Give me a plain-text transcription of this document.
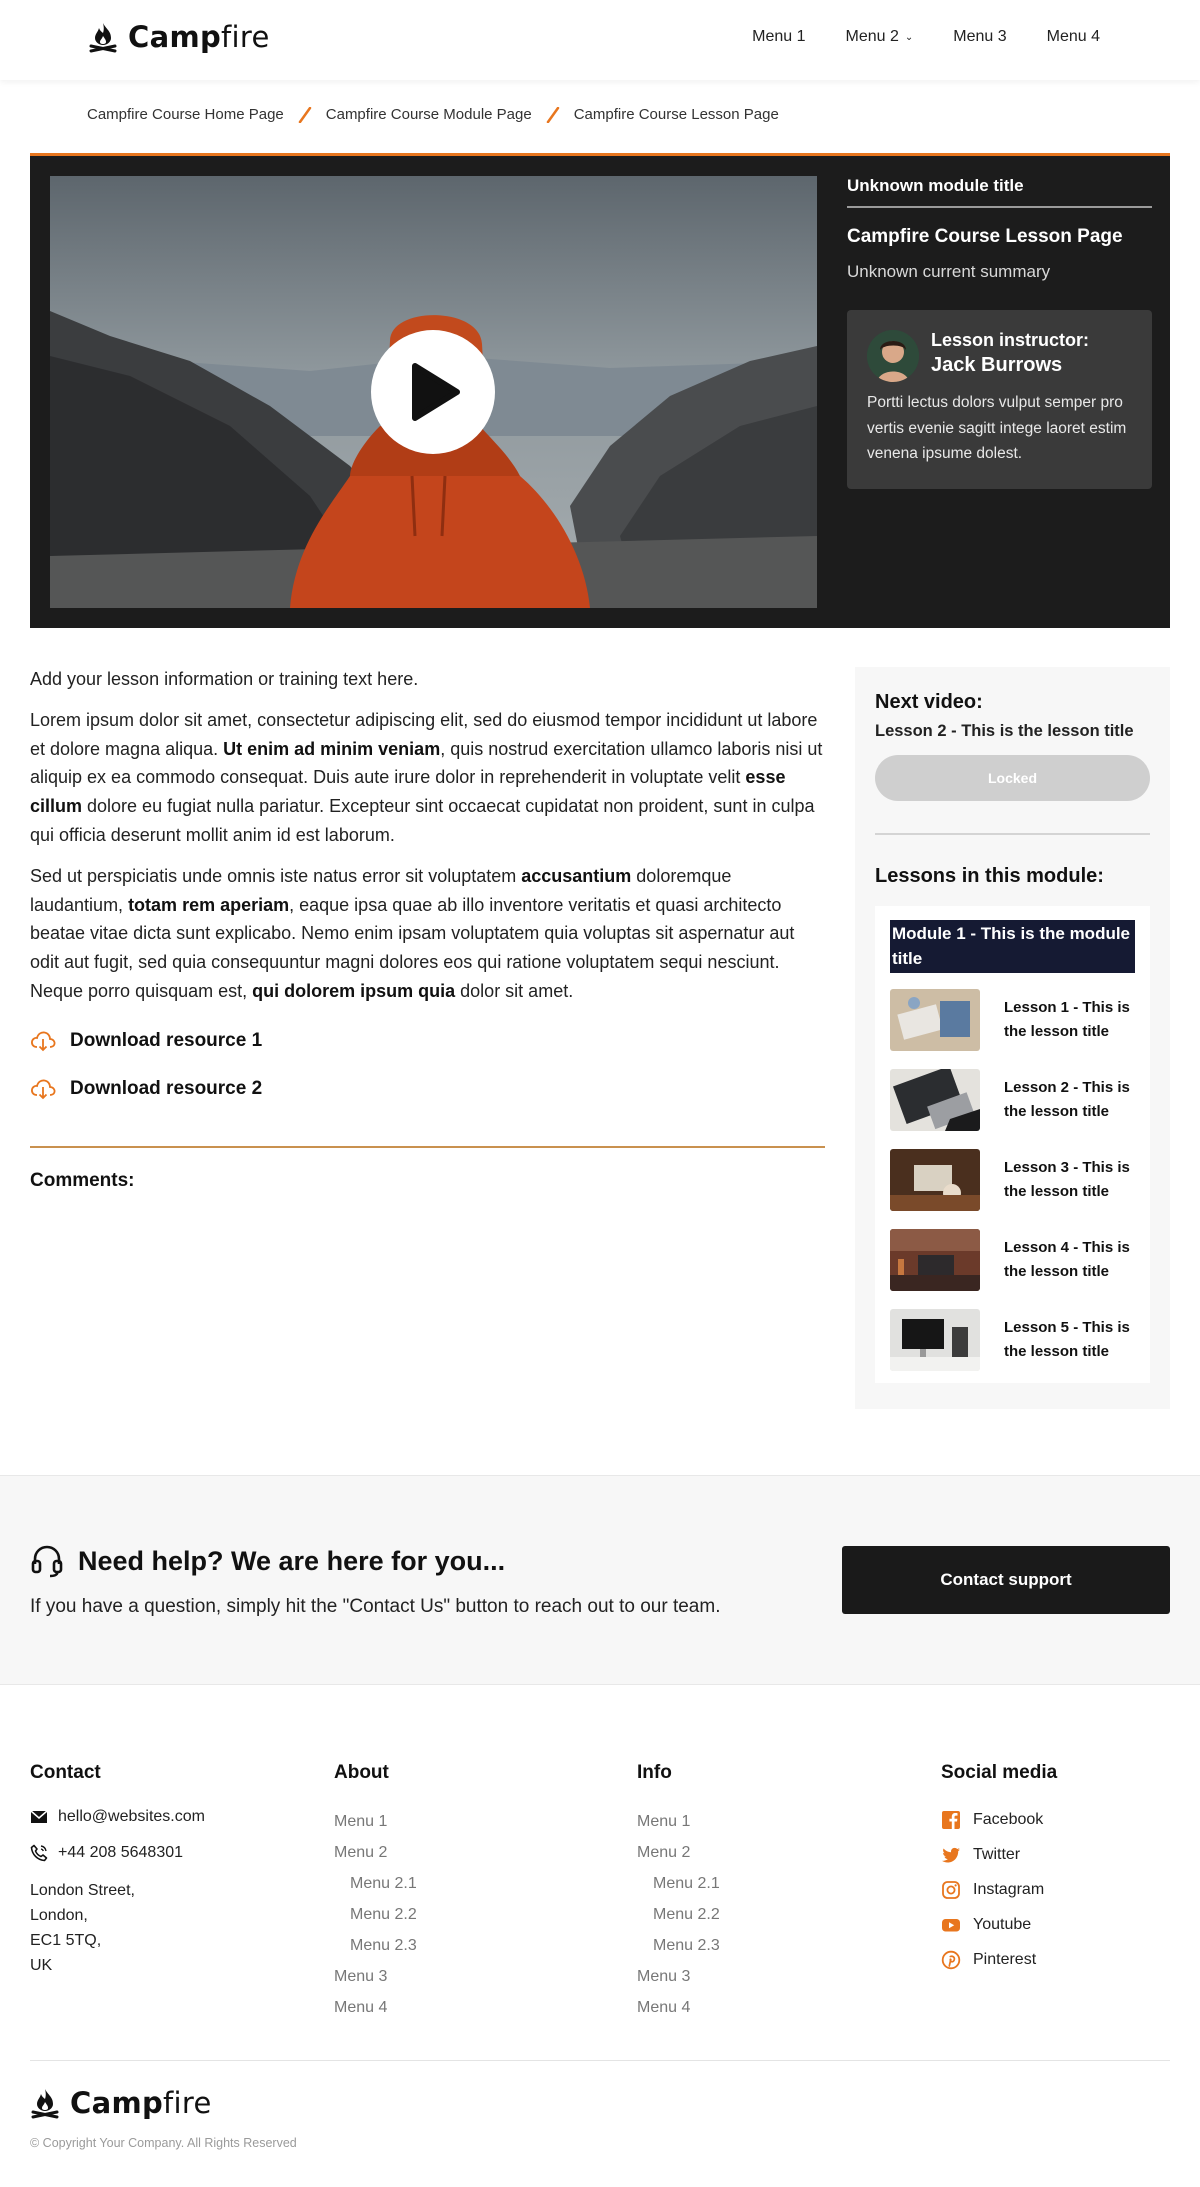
Campfire	Menu 1	Menu 2 ⌄	Menu 3	Menu 4
Campfire Course Home Page	Campfire Course Module Page	Campfire Course Lesson Page
Unknown module title
Campfire Course Lesson Page
Unknown current summary
Lesson instructor:
Jack Burrows
Portti lectus dolors vulput semper pro vertis evenie sagitt intege laoret estim venena ipsume dolest.
Add your lesson information or training text here.
Lorem ipsum dolor sit amet, consectetur adipiscing elit, sed do eiusmod tempor incididunt ut labore et dolore magna aliqua. Ut enim ad minim veniam, quis nostrud exercitation ullamco laboris nisi ut aliquip ex ea commodo consequat. Duis aute irure dolor in reprehenderit in voluptate velit esse cillum dolore eu fugiat nulla pariatur. Excepteur sint occaecat cupidatat non proident, sunt in culpa qui officia deserunt mollit anim id est laborum.
Sed ut perspiciatis unde omnis iste natus error sit voluptatem accusantium doloremque laudantium, totam rem aperiam, eaque ipsa quae ab illo inventore veritatis et quasi architecto beatae vitae dicta sunt explicabo. Nemo enim ipsam voluptatem quia voluptas sit aspernatur aut odit aut fugit, sed quia consequuntur magni dolores eos qui ratione voluptatem sequi nesciunt. Neque porro quisquam est, qui dolorem ipsum quia dolor sit amet.
Download resource 1
Download resource 2
Comments:
Next video:
Lesson 2 - This is the lesson title
Locked
Lessons in this module:
Module 1 - This is the module title
Lesson 1 - This is the lesson title
Lesson 2 - This is the lesson title
Lesson 3 - This is the lesson title
Lesson 4 - This is the lesson title
Lesson 5 - This is the lesson title
Need help? We are here for you...
If you have a question, simply hit the "Contact Us" button to reach out to our team.
Contact support
Contact
hello@websites.com
+44 208 5648301
London Street,
London,
EC1 5TQ,
UK
About
Menu 1
Menu 2
Menu 2.1
Menu 2.2
Menu 2.3
Menu 3
Menu 4
Info
Menu 1
Menu 2
Menu 2.1
Menu 2.2
Menu 2.3
Menu 3
Menu 4
Social media
Facebook
Twitter
Instagram
Youtube
Pinterest
Campfire
© Copyright Your Company. All Rights Reserved
